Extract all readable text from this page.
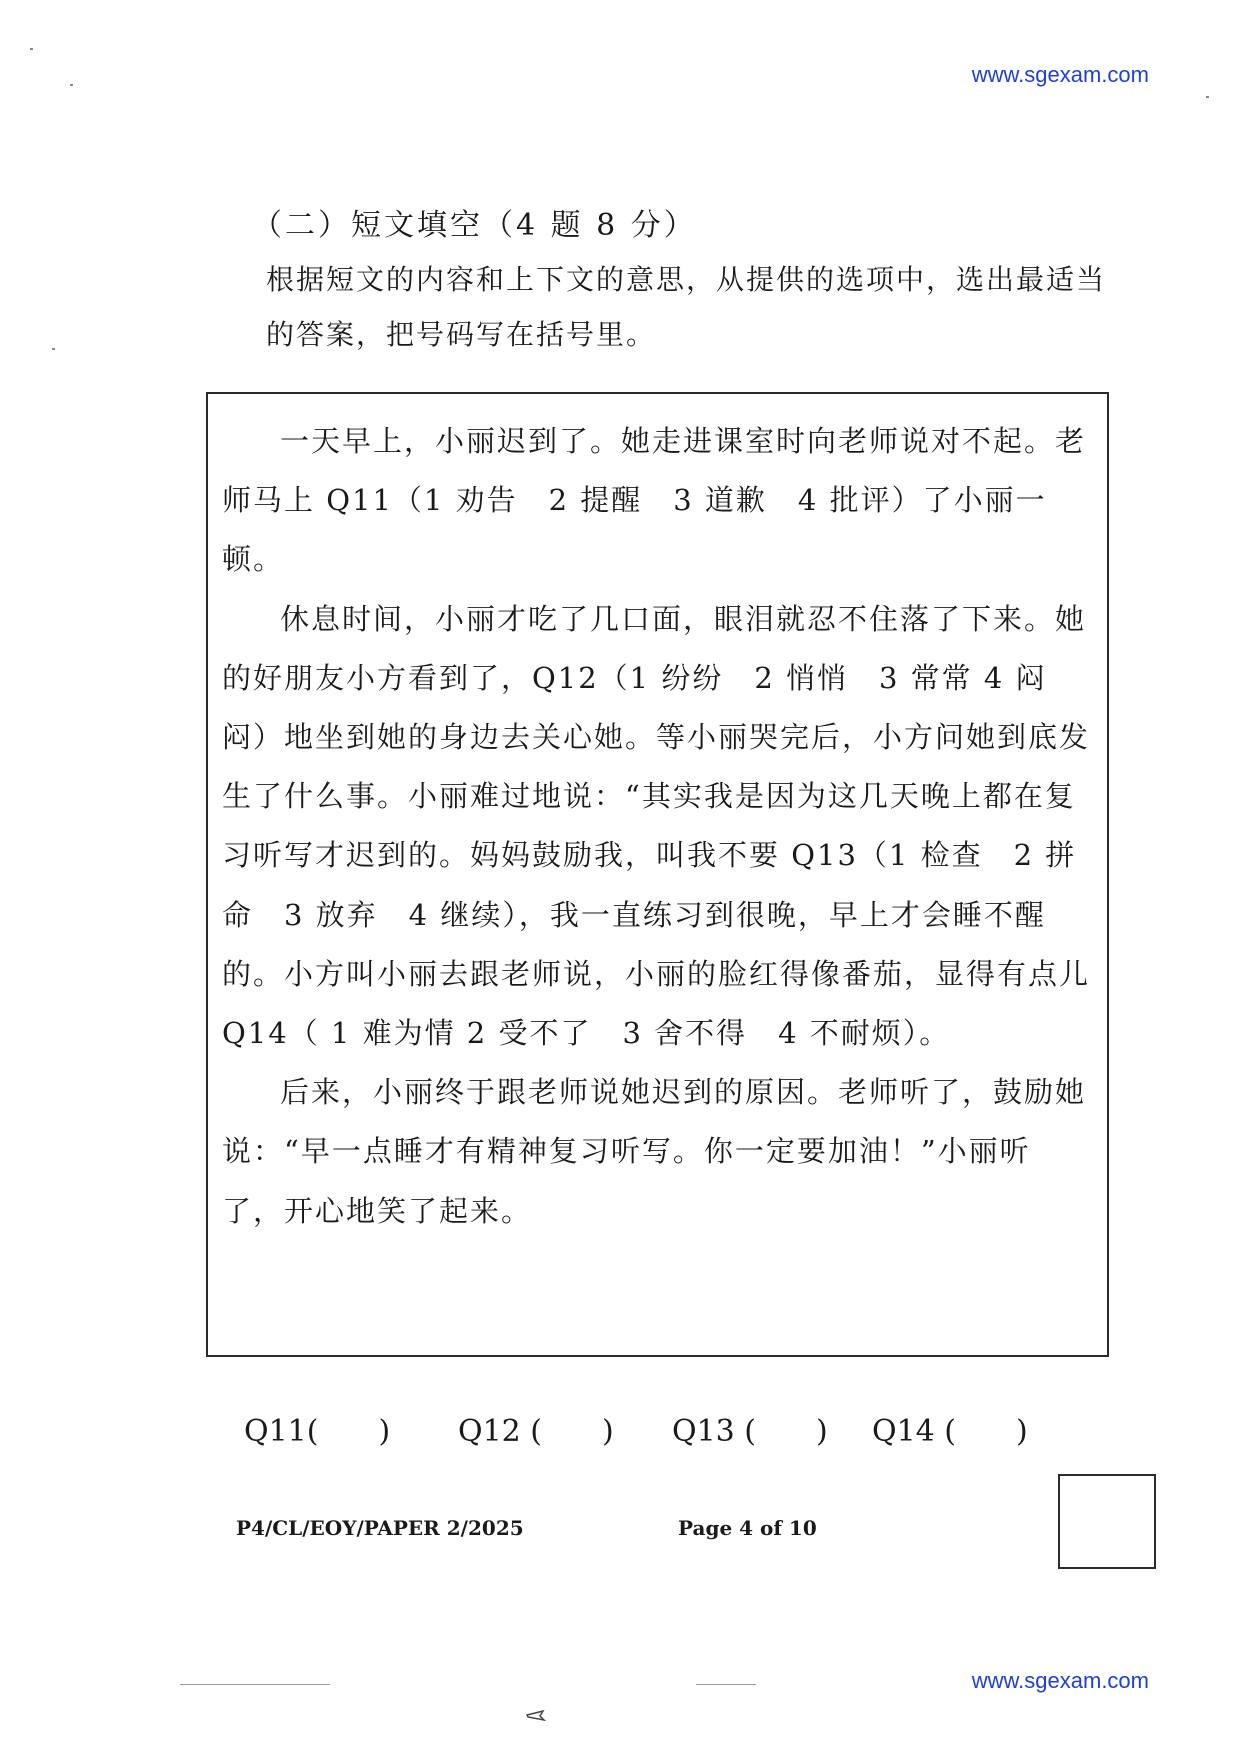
www.sgexam.com
（二）短文填空（4 题 8 分）
根据短文的内容和上下文的意思，从提供的选项中，选出最适当的答案，把号码写在括号里。

一天早上，小丽迟到了。她走进课室时向老师说对不起。老师马上 Q11（1 劝告　2 提醒　3 道歉　4 批评）了小丽一顿。

休息时间，小丽才吃了几口面，眼泪就忍不住落了下来。她的好朋友小方看到了，Q12（1 纷纷　2 悄悄　3 常常 4 闷闷）地坐到她的身边去关心她。等小丽哭完后，小方问她到底发生了什么事。小丽难过地说：“其实我是因为这几天晚上都在复习听写才迟到的。妈妈鼓励我，叫我不要 Q13（1 检查　2 拼命　3 放弃　4 继续），我一直练习到很晚，早上才会睡不醒的。小方叫小丽去跟老师说，小丽的脸红得像番茄，显得有点儿 Q14（ 1 难为情 2 受不了　3 舍不得　4 不耐烦）。

后来，小丽终于跟老师说她迟到的原因。老师听了，鼓励她说：“早一点睡才有精神复习听写。你一定要加油！”小丽听了，开心地笑了起来。

Q11(　　) Q12 (　　) Q13 (　　) Q14 (　　)
P4/CL/EOY/PAPER 2/2025	Page 4 of 10
www.sgexam.com
